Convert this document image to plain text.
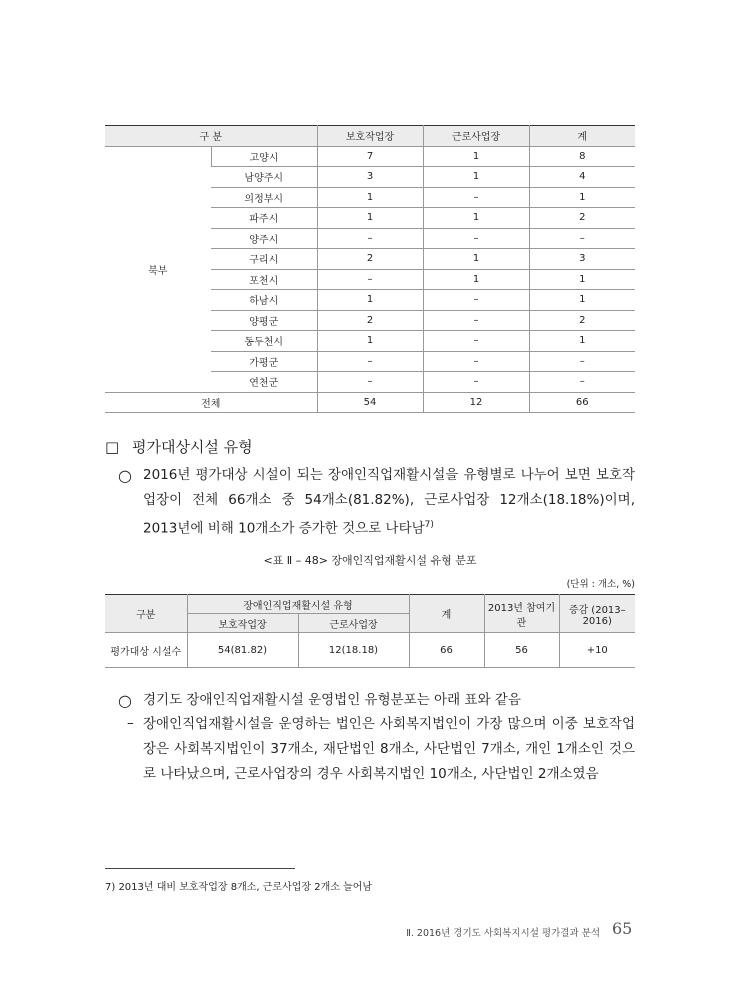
구 분		보호작업장	근로사업장	계
북부	고양시	7	1	8
	남양주시	3	1	4
	의정부시	1	–	1
	파주시	1	1	2
	양주시	–	–	–
	구리시	2	1	3
	포천시	–	1	1
	하남시	1	–	1
	양평군	2	–	2
	동두천시	1	–	1
	가평군	–	–	–
	연천군	–	–	–
전체		54	12	66
□ 평가대상시설 유형
○ 2016년 평가대상 시설이 되는 장애인직업재활시설을 유형별로 나누어 보면 보호작업장이 전체 66개소 중 54개소(81.82%), 근로사업장 12개소(18.18%)이며, 2013년에 비해 10개소가 증가한 것으로 나타남$^{7)}$
<표 Ⅱ – 48> 장애인직업재활시설 유형 분포
(단위 : 개소, %)
구분	장애인직업재활시설 유형		계	2013년 참여기관	증감 (2013–2016)
	보호작업장	근로사업장			
평가대상 시설수	54(81.82)	12(18.18)	66	56	+10
○ 경기도 장애인직업재활시설 운영법인 유형분포는 아래 표와 같음
– 장애인직업재활시설을 운영하는 법인은 사회복지법인이 가장 많으며 이중 보호작업장은 사회복지법인이 37개소, 재단법인 8개소, 사단법인 7개소, 개인 1개소인 것으로 나타났으며, 근로사업장의 경우 사회복지법인 10개소, 사단법인 2개소였음
7) 2013년 대비 보호작업장 8개소, 근로사업장 2개소 늘어남
Ⅱ. 2016년 경기도 사회복지시설 평가결과 분석 65
